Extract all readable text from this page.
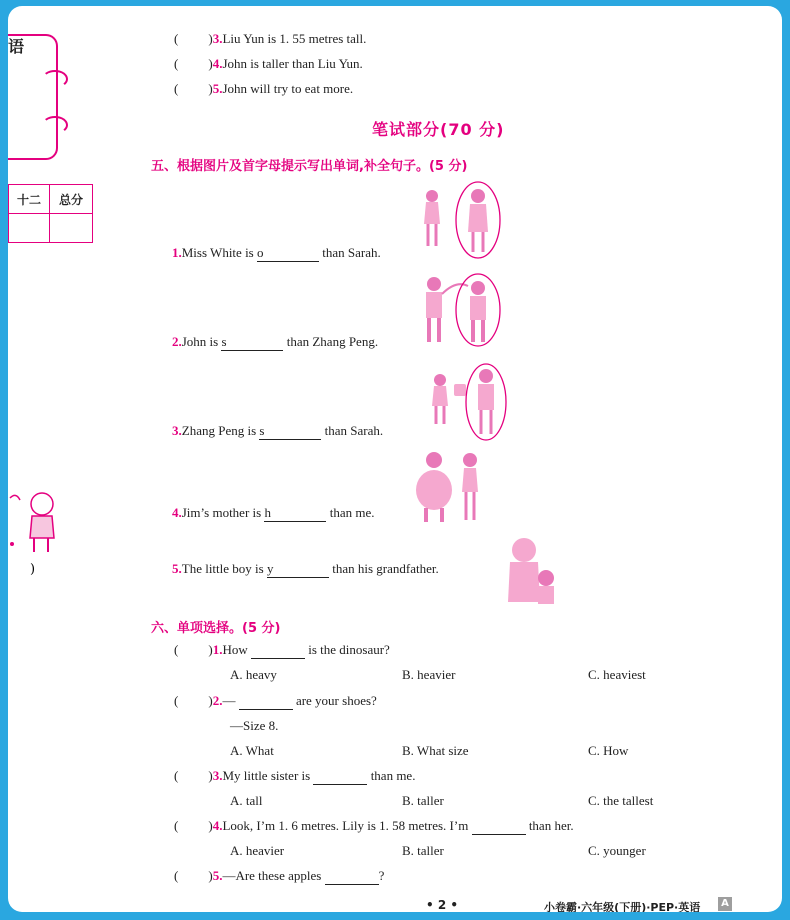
语
十二	总分

)
( )3.Liu Yun is 1. 55 metres tall.
( )4.John is taller than Liu Yun.
( )5.John will try to eat more.
笔试部分(70 分)
五、根据图片及首字母提示写出单词,补全句子。(5 分)
1.Miss White is o	than Sarah.
2.John is s	than Zhang Peng.
3.Zhang Peng is s	than Sarah.
4.Jim’s mother is h	than me.
5.The little boy is y	than his grandfather.
六、单项选择。(5 分)
( )1.How	is the dinosaur?
A. heavy	B. heavier	C. heaviest
( )2.—	are your shoes?
—Size 8.
A. What	B. What size	C. How
( )3.My little sister is	than me.
A. tall	B. taller	C. the tallest
( )4.Look, I’m 1. 6 metres. Lily is 1. 58 metres. I’m	than her.
A. heavier	B. taller	C. younger
( )5.—Are these apples	?
• 2 •	小卷霸·六年级(下册)·PEP·英语	A
